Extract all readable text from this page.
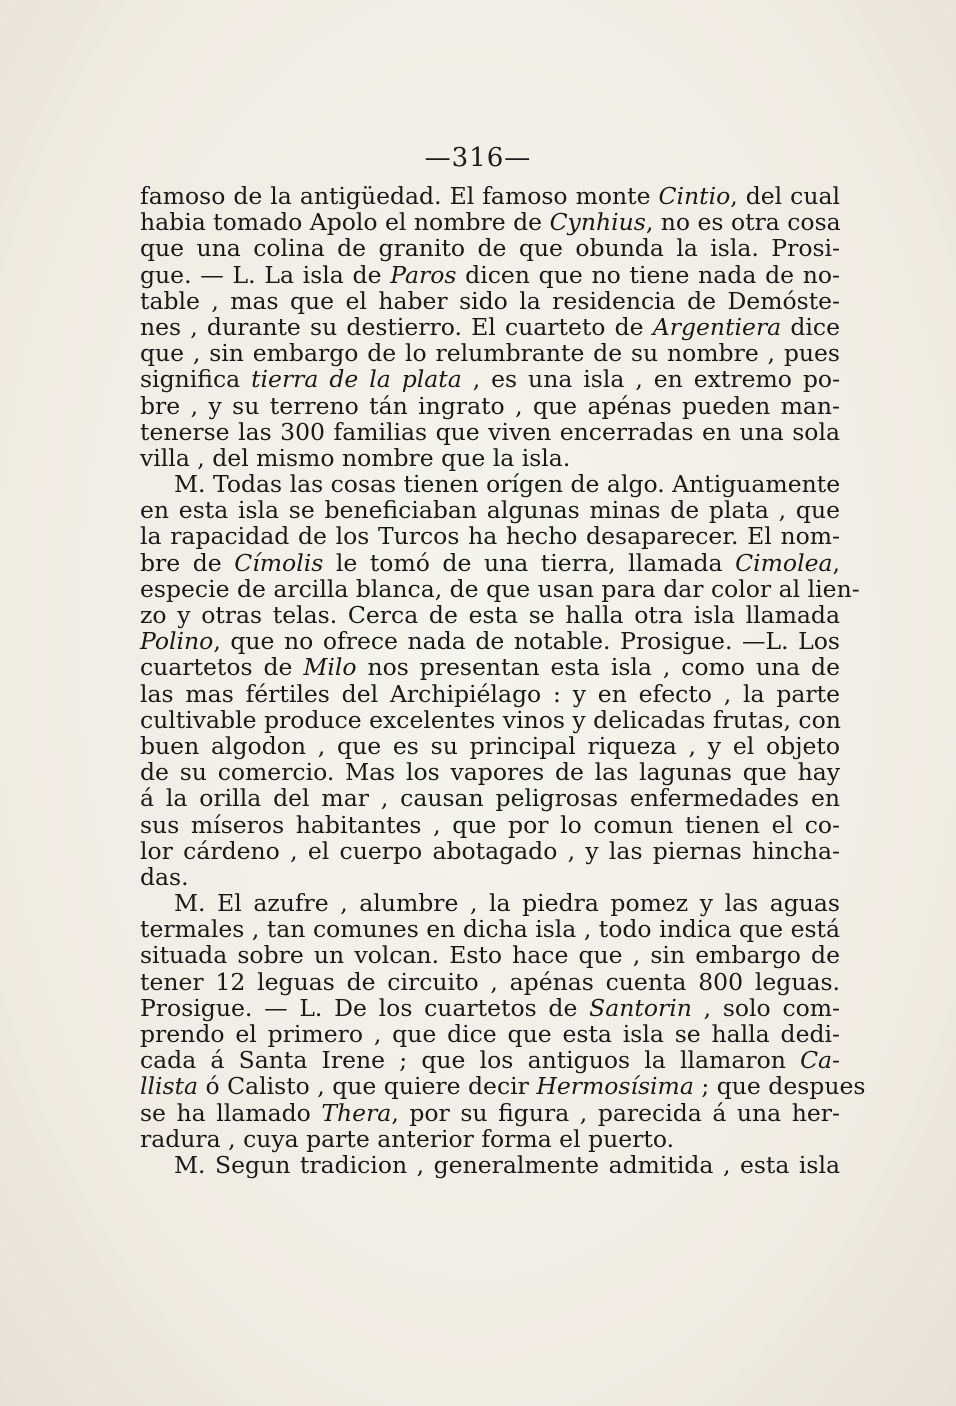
—316—
famoso de la antigüedad. El famoso monte Cintio, del cual
habia tomado Apolo el nombre de Cynhius, no es otra cosa
que una colina de granito de que obunda la isla. Prosi-
gue. — L. La isla de Paros dicen que no tiene nada de no-
table , mas que el haber sido la residencia de Demóste-
nes , durante su destierro. El cuarteto de Argentiera dice
que , sin embargo de lo relumbrante de su nombre , pues
significa tierra de la plata , es una isla , en extremo po-
bre , y su terreno tán ingrato , que apénas pueden man-
tenerse las 300 familias que viven encerradas en una sola
villa , del mismo nombre que la isla.
M. Todas las cosas tienen orígen de algo. Antiguamente
en esta isla se beneficiaban algunas minas de plata , que
la rapacidad de los Turcos ha hecho desaparecer. El nom-
bre de Címolis le tomó de una tierra, llamada Cimolea,
especie de arcilla blanca, de que usan para dar color al lien-
zo y otras telas. Cerca de esta se halla otra isla llamada
Polino, que no ofrece nada de notable. Prosigue. —L. Los
cuartetos de Milo nos presentan esta isla , como una de
las mas fértiles del Archipiélago : y en efecto , la parte
cultivable produce excelentes vinos y delicadas frutas, con
buen algodon , que es su principal riqueza , y el objeto
de su comercio. Mas los vapores de las lagunas que hay
á la orilla del mar , causan peligrosas enfermedades en
sus míseros habitantes , que por lo comun tienen el co-
lor cárdeno , el cuerpo abotagado , y las piernas hincha-
das.
M. El azufre , alumbre , la piedra pomez y las aguas
termales , tan comunes en dicha isla , todo indica que está
situada sobre un volcan. Esto hace que , sin embargo de
tener 12 leguas de circuito , apénas cuenta 800 leguas.
Prosigue. — L. De los cuartetos de Santorin , solo com-
prendo el primero , que dice que esta isla se halla dedi-
cada á Santa Irene ; que los antiguos la llamaron Ca-
llista ó Calisto , que quiere decir Hermosísima ; que despues
se ha llamado Thera, por su figura , parecida á una her-
radura , cuya parte anterior forma el puerto.
M. Segun tradicion , generalmente admitida , esta isla
